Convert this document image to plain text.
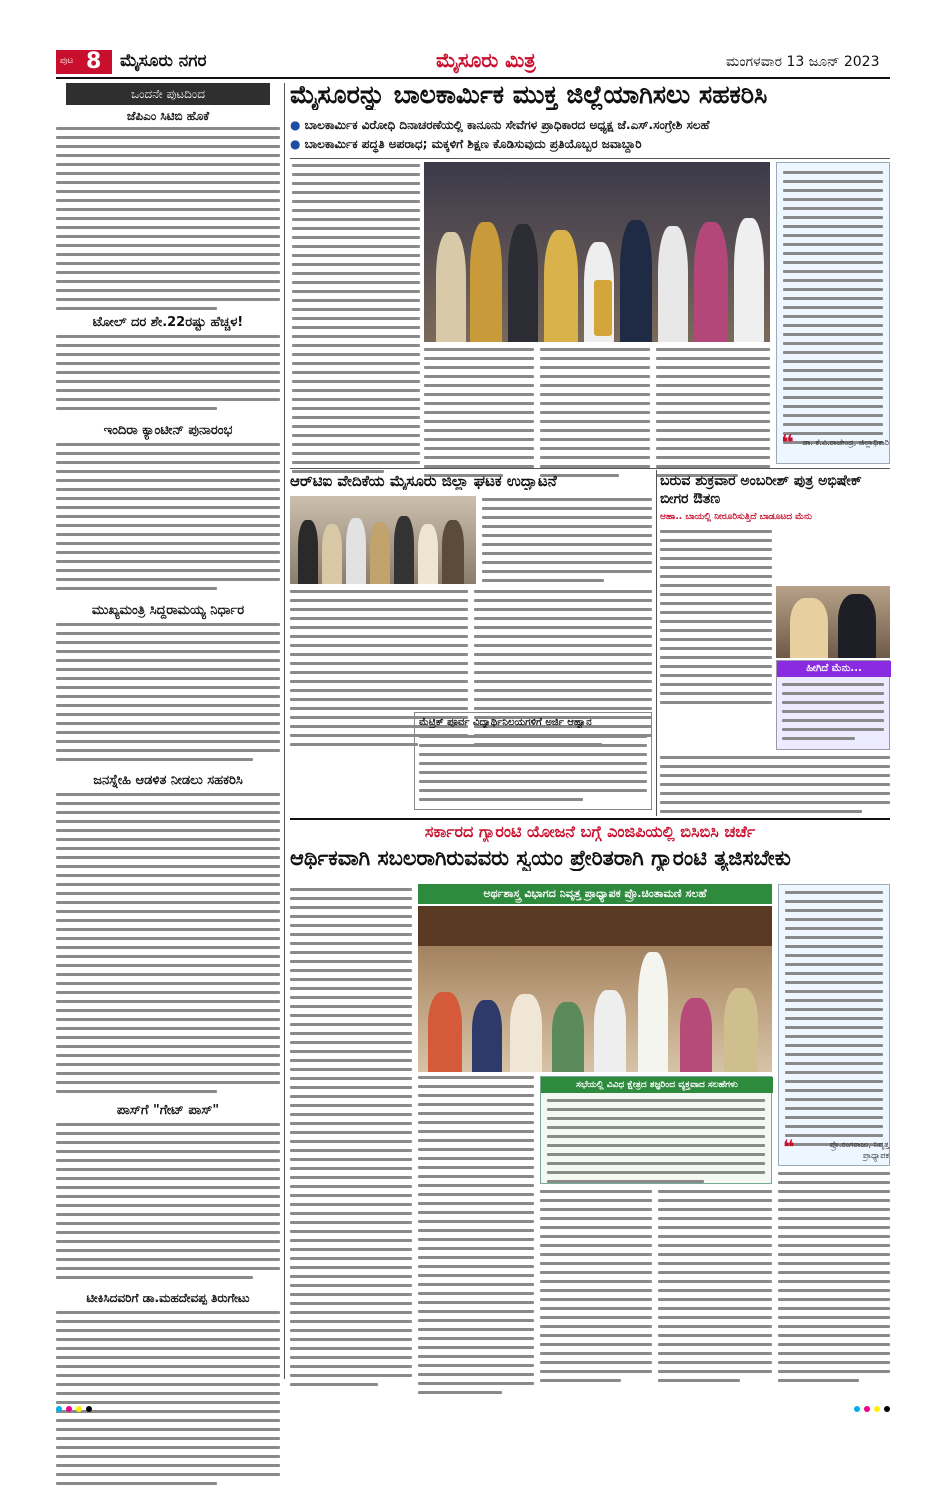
ಪುಟ 8 ಮೈಸೂರು ನಗರ	ಮೈಸೂರು ಮಿತ್ರ	ಮಂಗಳವಾರ 13 ಜೂನ್ 2023
ಒಂದನೇ ಪುಟದಿಂದ
ಜೆಪಿಎಂ ಸಿಟಿಬಿ ಹೊಕೆ
ಟೋಲ್ ದರ ಶೇ.22ರಷ್ಟು ಹೆಚ್ಚಳ!
ಇಂದಿರಾ ಕ್ಯಾಂಟೀನ್ ಪುನಾರಂಭ
ಮುಖ್ಯಮಂತ್ರಿ ಸಿದ್ದರಾಮಯ್ಯ ನಿರ್ಧಾರ
ಜನಸ್ನೇಹಿ ಆಡಳಿತ ನೀಡಲು ಸಹಕರಿಸಿ
ಪಾಸ್‌ಗೆ "ಗೇಟ್ ಪಾಸ್"
ಟೀಕಿಸಿದವರಿಗೆ ಡಾ.ಮಹದೇವಪ್ಪ ತಿರುಗೇಟು
ಮೈಸೂರನ್ನು ಬಾಲಕಾರ್ಮಿಕ ಮುಕ್ತ ಜಿಲ್ಲೆಯಾಗಿಸಲು ಸಹಕರಿಸಿ
● ಬಾಲಕಾರ್ಮಿಕ ವಿರೋಧಿ ದಿನಾಚರಣೆಯಲ್ಲಿ ಕಾನೂನು ಸೇವೆಗಳ ಪ್ರಾಧಿಕಾರದ ಅಧ್ಯಕ್ಷ ಜೆ.ಎಸ್.ಸಂಗ್ರೇಶಿ ಸಲಹೆ
● ಬಾಲಕಾರ್ಮಿಕ ಪದ್ಧತಿ ಅಪರಾಧ; ಮಕ್ಕಳಿಗೆ ಶಿಕ್ಷಣ ಕೊಡಿಸುವುದು ಪ್ರತಿಯೊಬ್ಬರ ಜವಾಬ್ದಾರಿ
❝ ಡಾ. ಕೆ.ವಿ.ರಾಜೇಂದ್ರ, ಜಿಲ್ಲಾಧಿಕಾರಿ
ಆರ್‌ಟಿಐ ವೇದಿಕೆಯ ಮೈಸೂರು ಜಿಲ್ಲಾ ಘಟಕ ಉದ್ಘಾಟನೆ
ಮೆಟ್ರಿಕ್ ಪೂರ್ವ ವಿದ್ಯಾರ್ಥಿನಿಲಯಗಳಿಗೆ ಅರ್ಜಿ ಆಹ್ವಾನ
ಬರುವ ಶುಕ್ರವಾರ ಅಂಬರೀಶ್ ಪುತ್ರ ಅಭಿಷೇಕ್ ಬೀಗರ ಔತಣ
ಆಹಾ.. ಬಾಯಲ್ಲಿ ನೀರೂರಿಸುತ್ತಿದೆ ಬಾಡೂಟದ ಮೆನು
ಹೀಗಿದೆ ಮೆನು...
ಸರ್ಕಾರದ ಗ್ಯಾರಂಟಿ ಯೋಜನೆ ಬಗ್ಗೆ ಎಂಜಿಪಿಯಲ್ಲಿ ಬಿಸಿಬಿಸಿ ಚರ್ಚೆ
ಆರ್ಥಿಕವಾಗಿ ಸಬಲರಾಗಿರುವವರು ಸ್ವಯಂ ಪ್ರೇರಿತರಾಗಿ ಗ್ಯಾರಂಟಿ ತ್ಯಜಿಸಬೇಕು
ಅರ್ಥಶಾಸ್ತ್ರ ವಿಭಾಗದ ನಿವೃತ್ತ ಪ್ರಾಧ್ಯಾಪಕ ಪ್ರೊ.ಚಿಂತಾಮಣಿ ಸಲಹೆ
❝	ಪ್ರೊ.ರಂಗರಾಜು, ನಿವೃತ್ತ ಪ್ರಾಧ್ಯಾಪಕ
ಸಭೆಯಲ್ಲಿ ವಿವಿಧ ಕ್ಷೇತ್ರದ ತಜ್ಞರಿಂದ ವ್ಯಕ್ತವಾದ ಸಲಹೆಗಳು
